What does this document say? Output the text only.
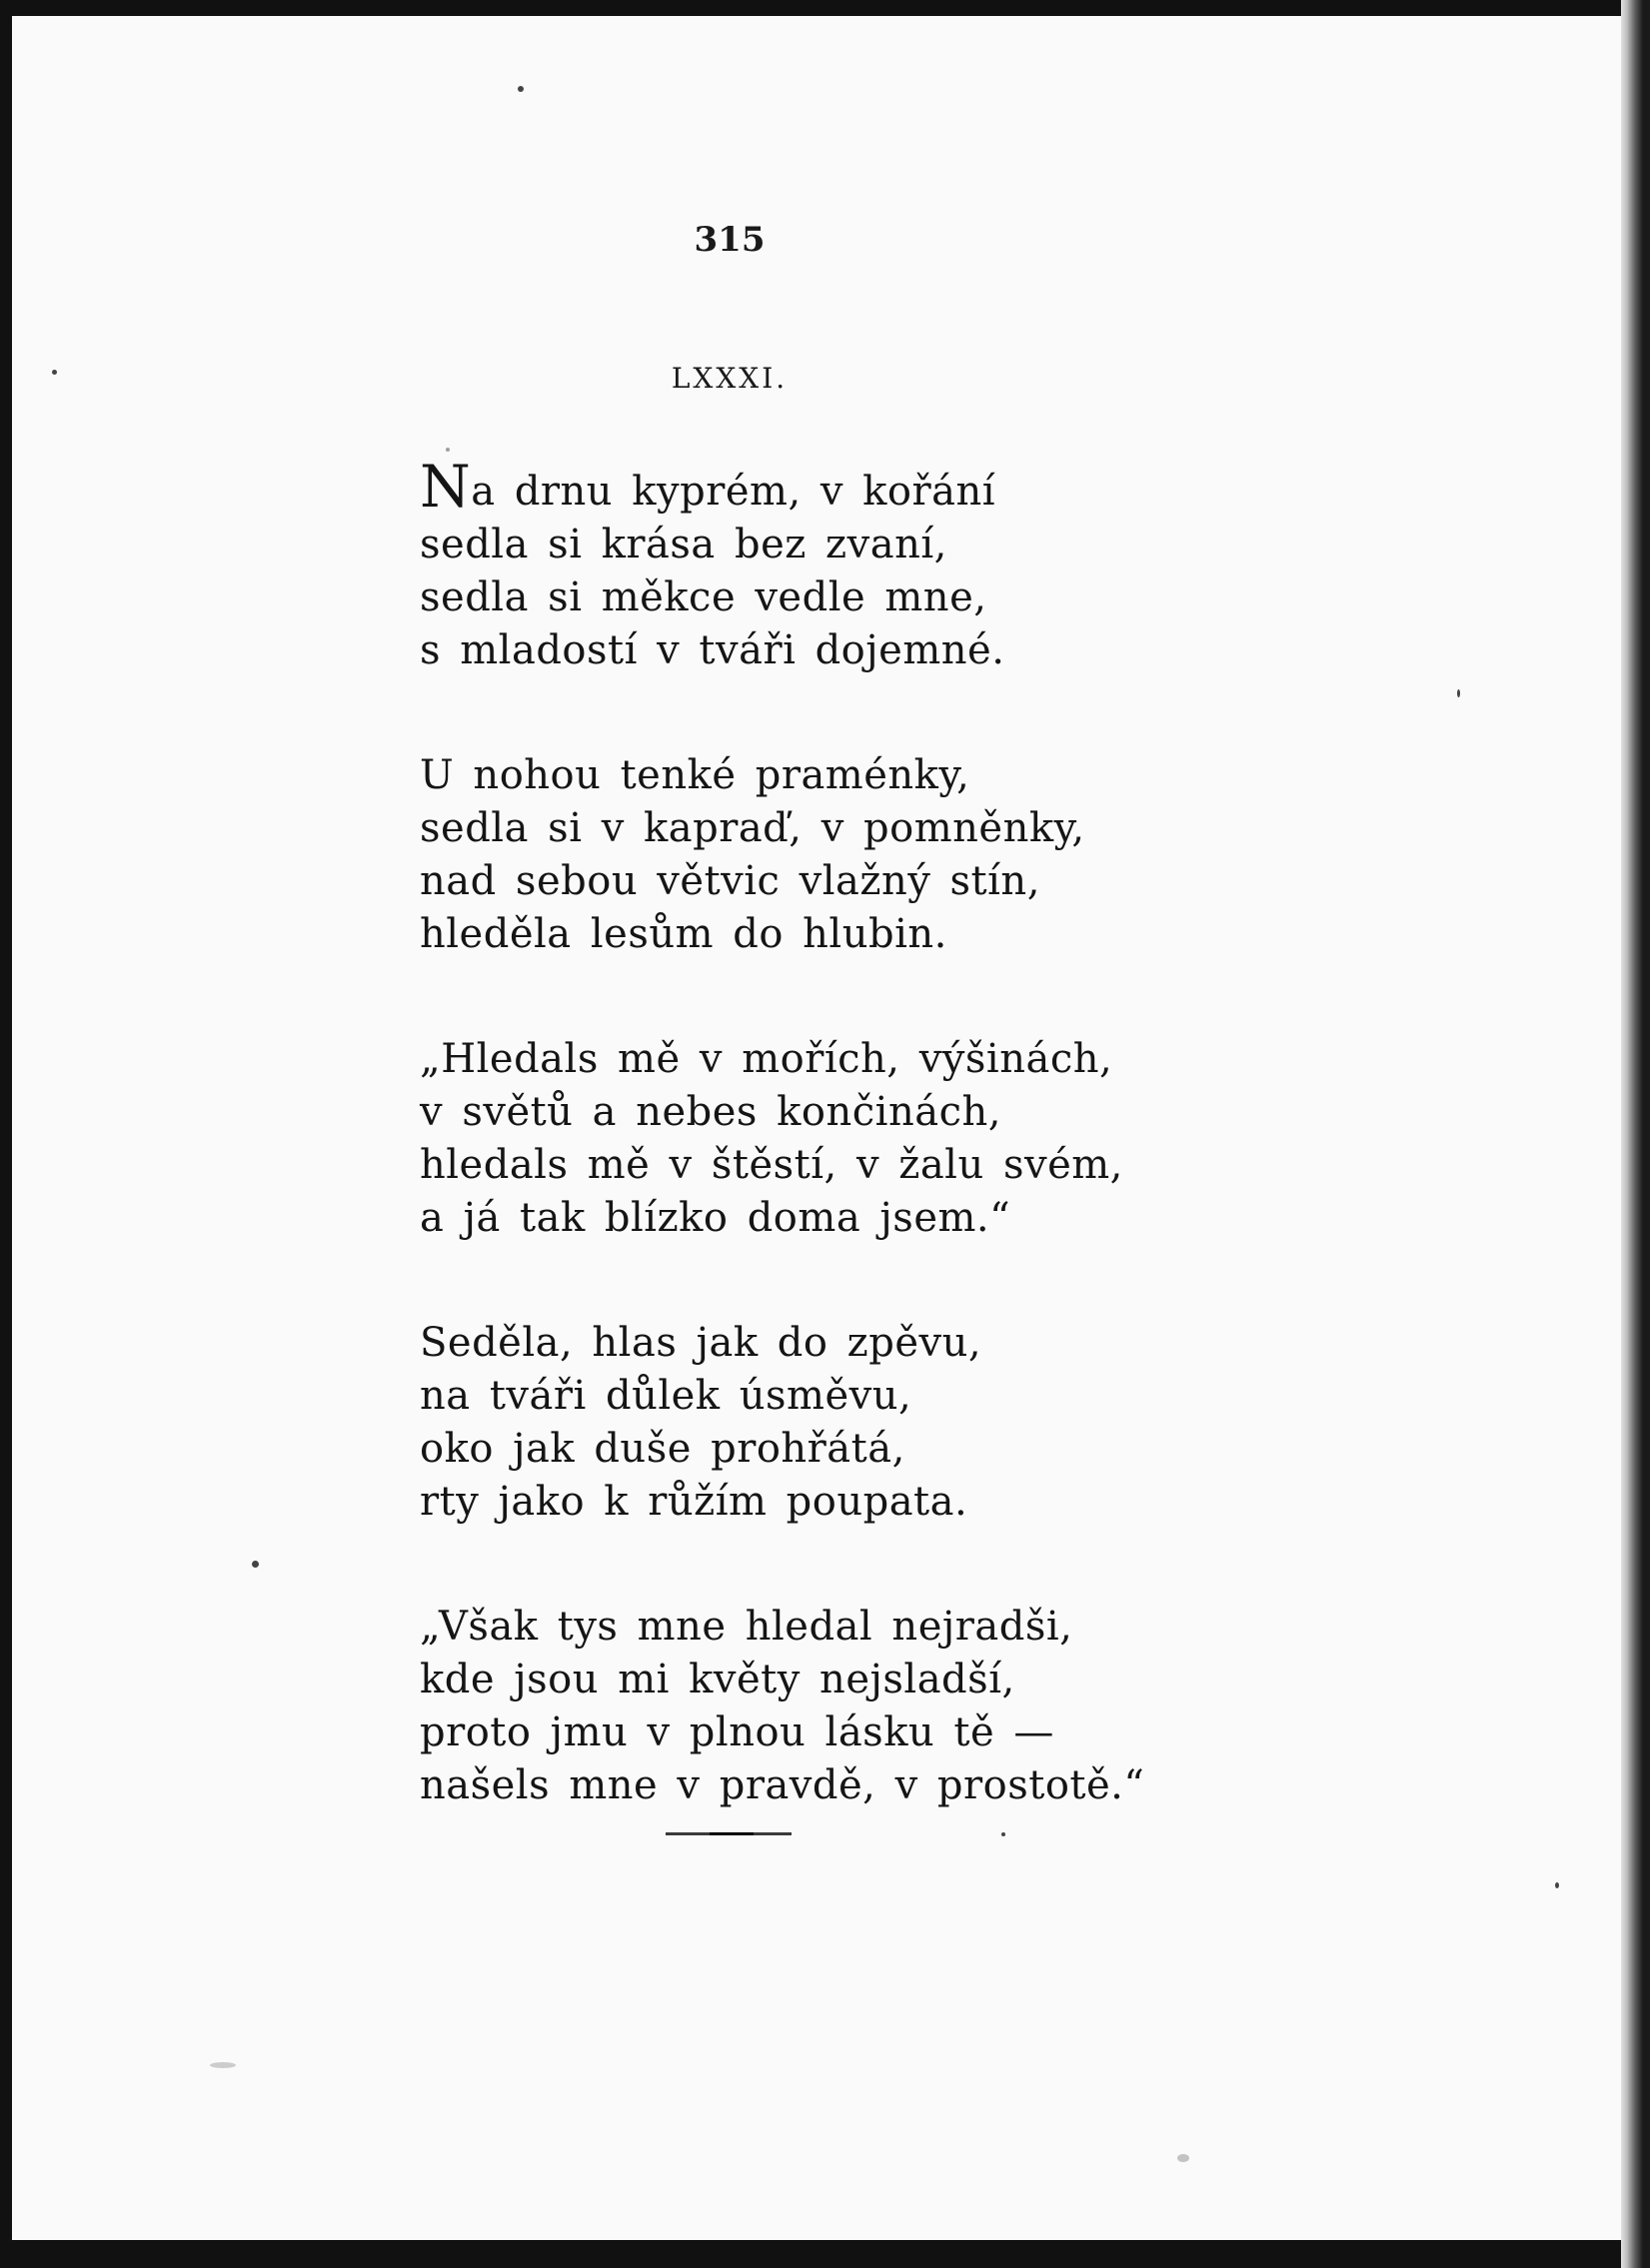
315
LXXXI.
Na drnu kyprém, v kořání
sedla si krása bez zvaní,
sedla si měkce vedle mne,
s mladostí v tváři dojemné.
U nohou tenké praménky,
sedla si v kapraď, v pomněnky,
nad sebou větvic vlažný stín,
hleděla lesům do hlubin.
„Hledals mě v mořích, výšinách,
v světů a nebes končinách,
hledals mě v štěstí, v žalu svém,
a já tak blízko doma jsem.“
Seděla, hlas jak do zpěvu,
na tváři důlek úsměvu,
oko jak duše prohřátá,
rty jako k růžím poupata.
„Však tys mne hledal nejradši,
kde jsou mi květy nejsladší,
proto jmu v plnou lásku tě —
našels mne v pravdě, v prostotě.“
